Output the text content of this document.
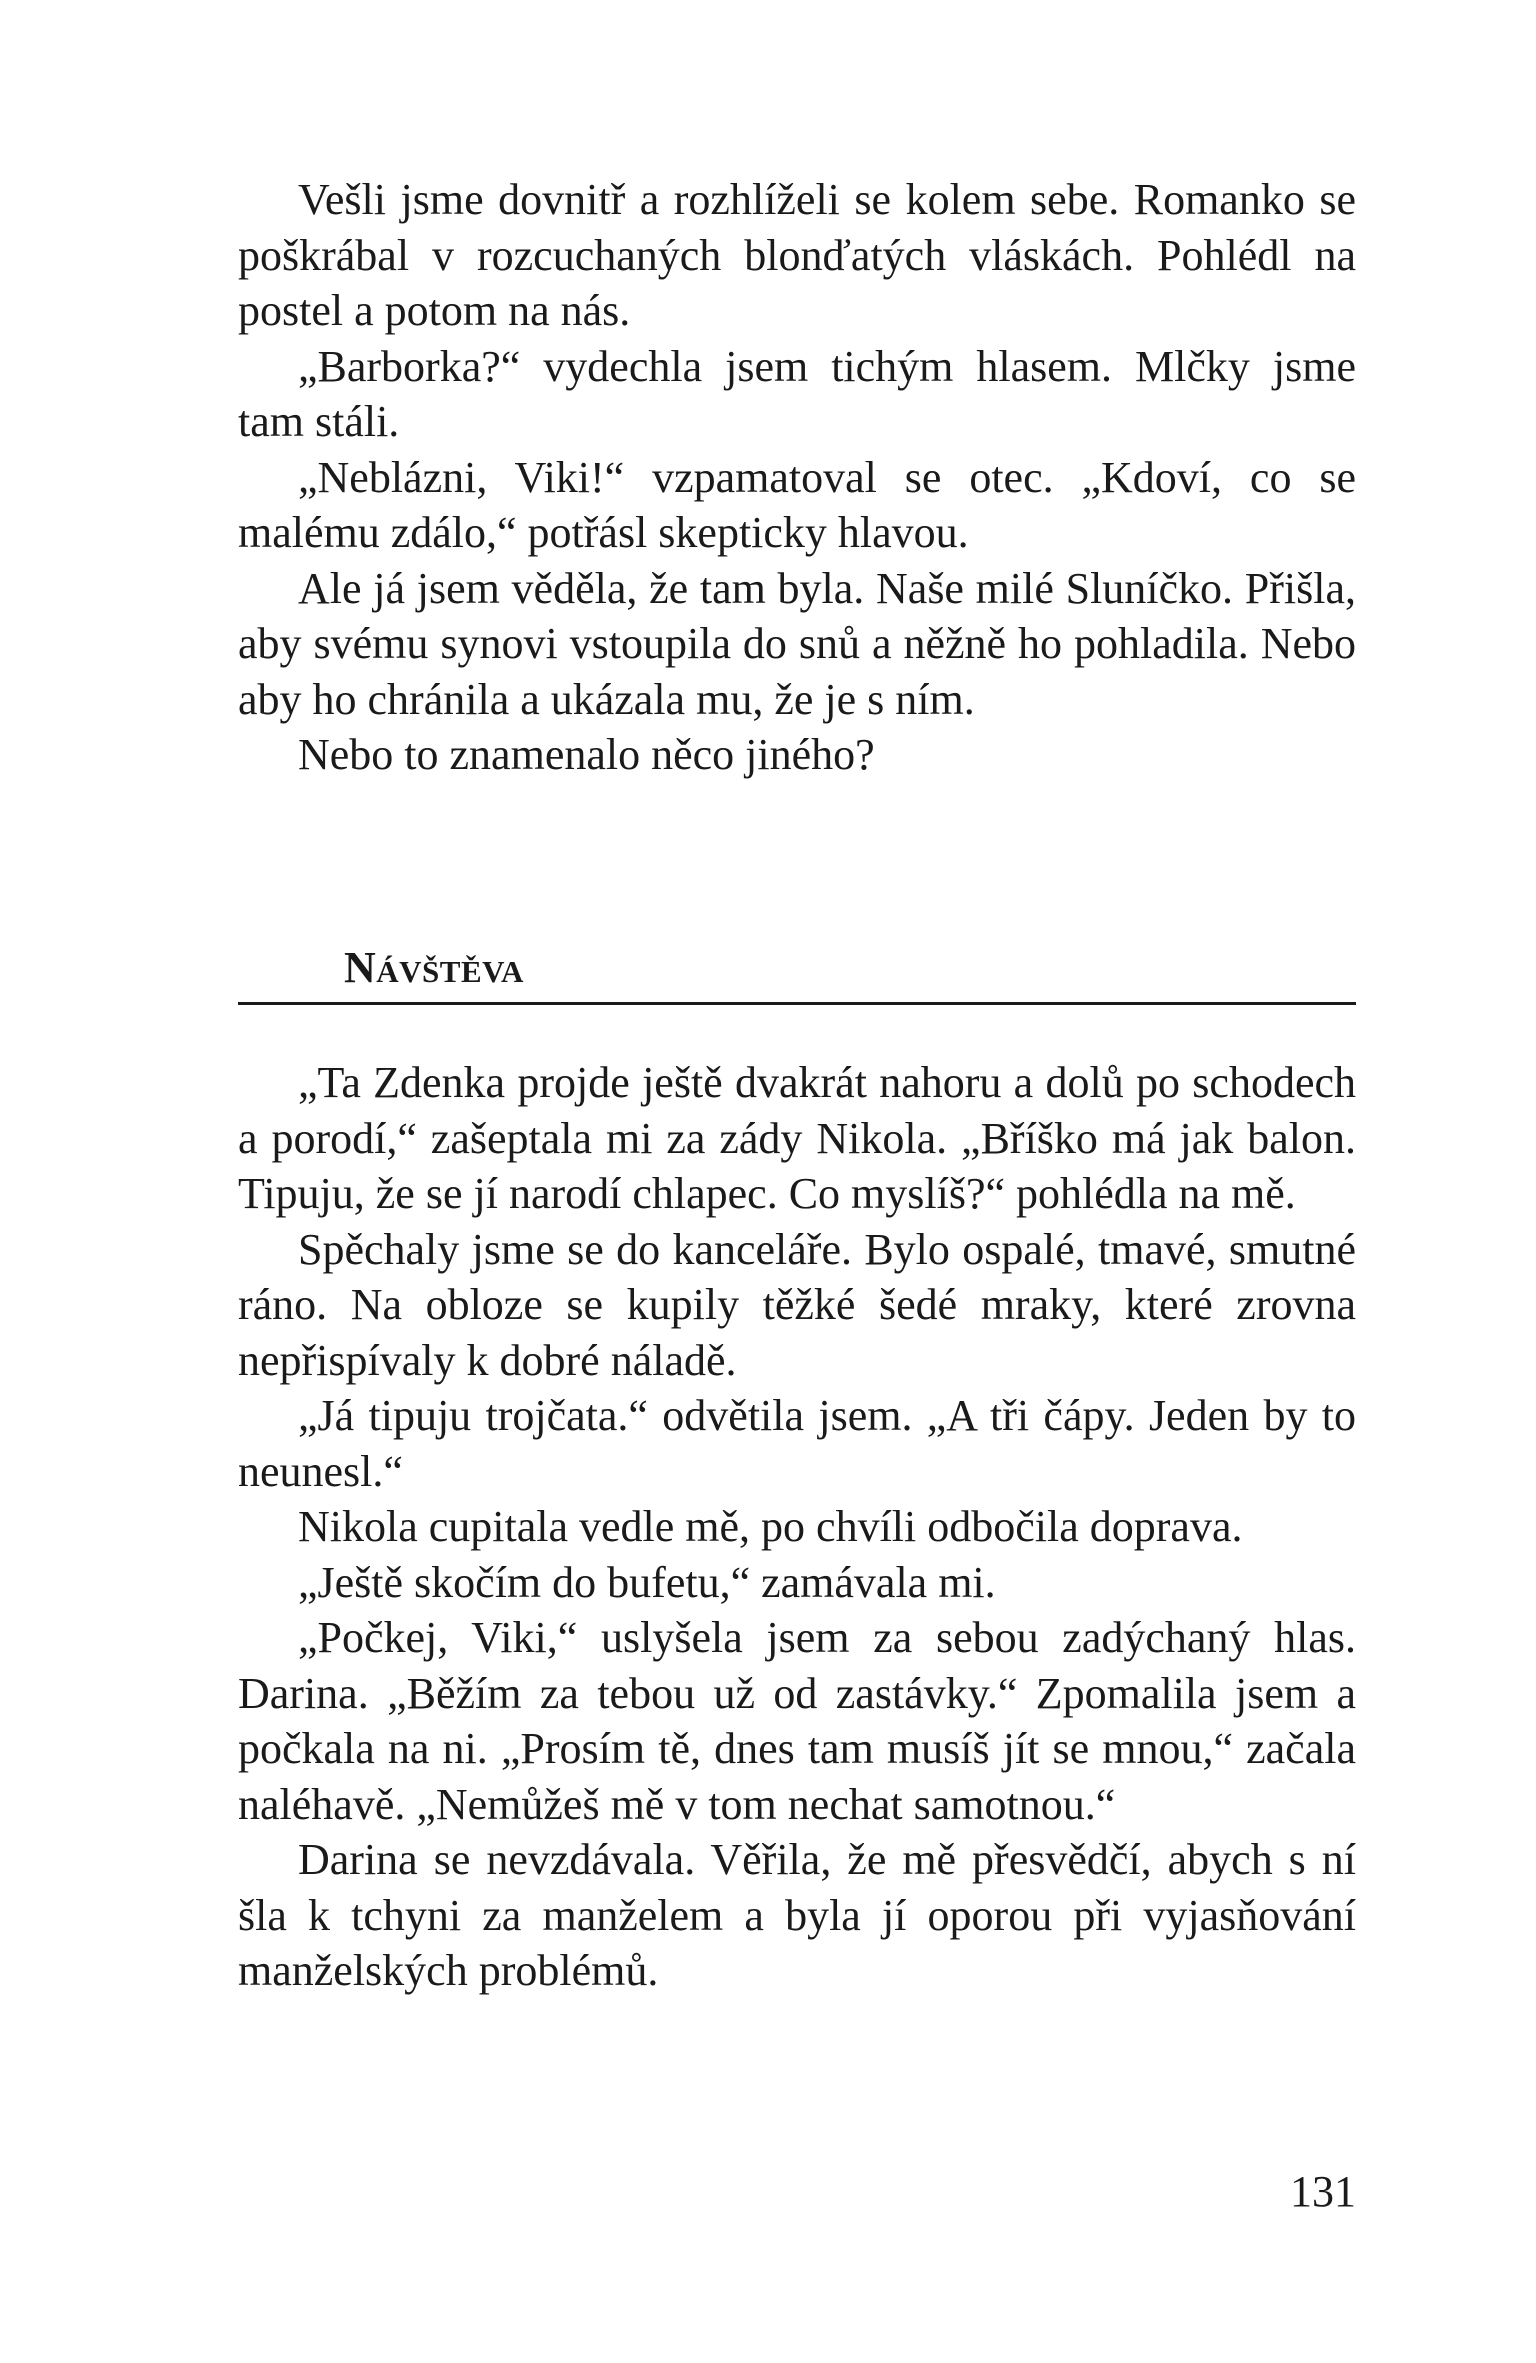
Vešli jsme dovnitř a rozhlíželi se kolem sebe. Romanko se poškrábal v rozcuchaných blonďatých vláskách. Pohlédl na postel a potom na nás.

„Barborka?“ vydechla jsem tichým hlasem. Mlčky jsme tam stáli.

„Neblázni, Viki!“ vzpamatoval se otec. „Kdoví, co se malému zdálo,“ potřásl skepticky hlavou.

Ale já jsem věděla, že tam byla. Naše milé Sluníčko. Přišla, aby svému synovi vstoupila do snů a něžně ho pohladila. Nebo aby ho chránila a ukázala mu, že je s ním.

Nebo to znamenalo něco jiného?

Návštěva

„Ta Zdenka projde ještě dvakrát nahoru a dolů po schodech a porodí,“ zašeptala mi za zády Nikola. „Bříško má jak balon. Tipuju, že se jí narodí chlapec. Co myslíš?“ pohlédla na mě.

Spěchaly jsme se do kanceláře. Bylo ospalé, tmavé, smutné ráno. Na obloze se kupily těžké šedé mraky, které zrovna nepřispívaly k dobré náladě.

„Já tipuju trojčata.“ odvětila jsem. „A tři čápy. Jeden by to neunesl.“

Nikola cupitala vedle mě, po chvíli odbočila doprava.

„Ještě skočím do bufetu,“ zamávala mi.

„Počkej, Viki,“ uslyšela jsem za sebou zadýchaný hlas. Darina. „Běžím za tebou už od zastávky.“ Zpomalila jsem a počkala na ni. „Prosím tě, dnes tam musíš jít se mnou,“ začala naléhavě. „Nemůžeš mě v tom nechat samotnou.“

Darina se nevzdávala. Věřila, že mě přesvědčí, abych s ní šla k tchyni za manželem a byla jí oporou při vyjasňování manželských problémů.

131
